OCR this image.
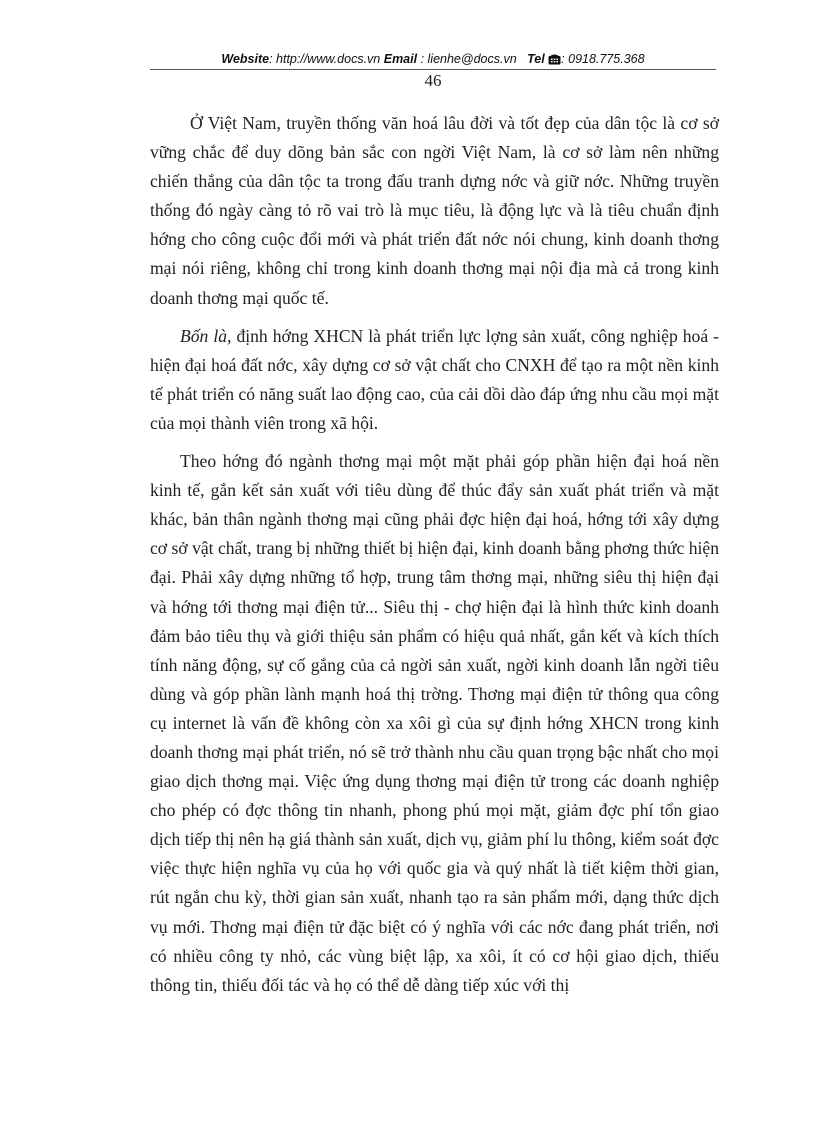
Website: http://www.docs.vn Email : lienhe@docs.vn   Tel : 0918.775.368
46

Ở Việt Nam, truyền thống văn hoá lâu đời và tốt đẹp của dân tộc là cơ sở vững chắc để duy dõng bản sắc con ngời Việt Nam, là cơ sở làm nên những chiến thắng của dân tộc ta trong đấu tranh dựng nớc và giữ nớc. Những truyền thống đó ngày càng tỏ rõ vai trò là mục tiêu, là động lực và là tiêu chuẩn định hớng cho công cuộc đổi mới và phát triển đất nớc nói chung, kinh doanh thơng mại nói riêng, không chỉ trong kinh doanh thơng mại nội địa mà cả trong kinh doanh thơng mại quốc tế.

Bốn là, định hớng XHCN là phát triển lực lợng sản xuất, công nghiệp hoá - hiện đại hoá đất nớc, xây dựng cơ sở vật chất cho CNXH để tạo ra một nền kinh tế phát triển có năng suất lao động cao, của cải dồi dào đáp ứng nhu cầu mọi mặt của mọi thành viên trong xã hội.

Theo hớng đó ngành thơng mại một mặt phải góp phần hiện đại hoá nền kinh tế, gắn kết sản xuất với tiêu dùng để thúc đẩy sản xuất phát triển và mặt khác, bản thân ngành thơng mại cũng phải đợc hiện đại hoá, hớng tới xây dựng cơ sở vật chất, trang bị những thiết bị hiện đại, kinh doanh bằng phơng thức hiện đại. Phải xây dựng những tổ hợp, trung tâm thơng mại, những siêu thị hiện đại và hớng tới thơng mại điện tử... Siêu thị - chợ hiện đại là hình thức kinh doanh đảm bảo tiêu thụ và giới thiệu sản phẩm có hiệu quả nhất, gắn kết và kích thích tính năng động, sự cố gắng của cả ngời sản xuất, ngời kinh doanh lẫn ngời tiêu dùng và góp phần lành mạnh hoá thị trờng. Thơng mại điện tử thông qua công cụ internet là vấn đề không còn xa xôi gì của sự định hớng XHCN trong kinh doanh thơng mại phát triển, nó sẽ trở thành nhu cầu quan trọng bậc nhất cho mọi giao dịch thơng mại. Việc ứng dụng thơng mại điện tử trong các doanh nghiệp cho phép có đợc thông tin nhanh, phong phú mọi mặt, giảm đợc phí tổn giao dịch tiếp thị nên hạ giá thành sản xuất, dịch vụ, giảm phí lu thông, kiểm soát đợc việc thực hiện nghĩa vụ của họ với quốc gia và quý nhất là tiết kiệm thời gian, rút ngắn chu kỳ, thời gian sản xuất, nhanh tạo ra sản phẩm mới, dạng thức dịch vụ mới. Thơng mại điện tử đặc biệt có ý nghĩa với các nớc đang phát triển, nơi có nhiều công ty nhỏ, các vùng biệt lập, xa xôi, ít có cơ hội giao dịch, thiếu thông tin, thiếu đối tác và họ có thể dễ dàng tiếp xúc với thị
